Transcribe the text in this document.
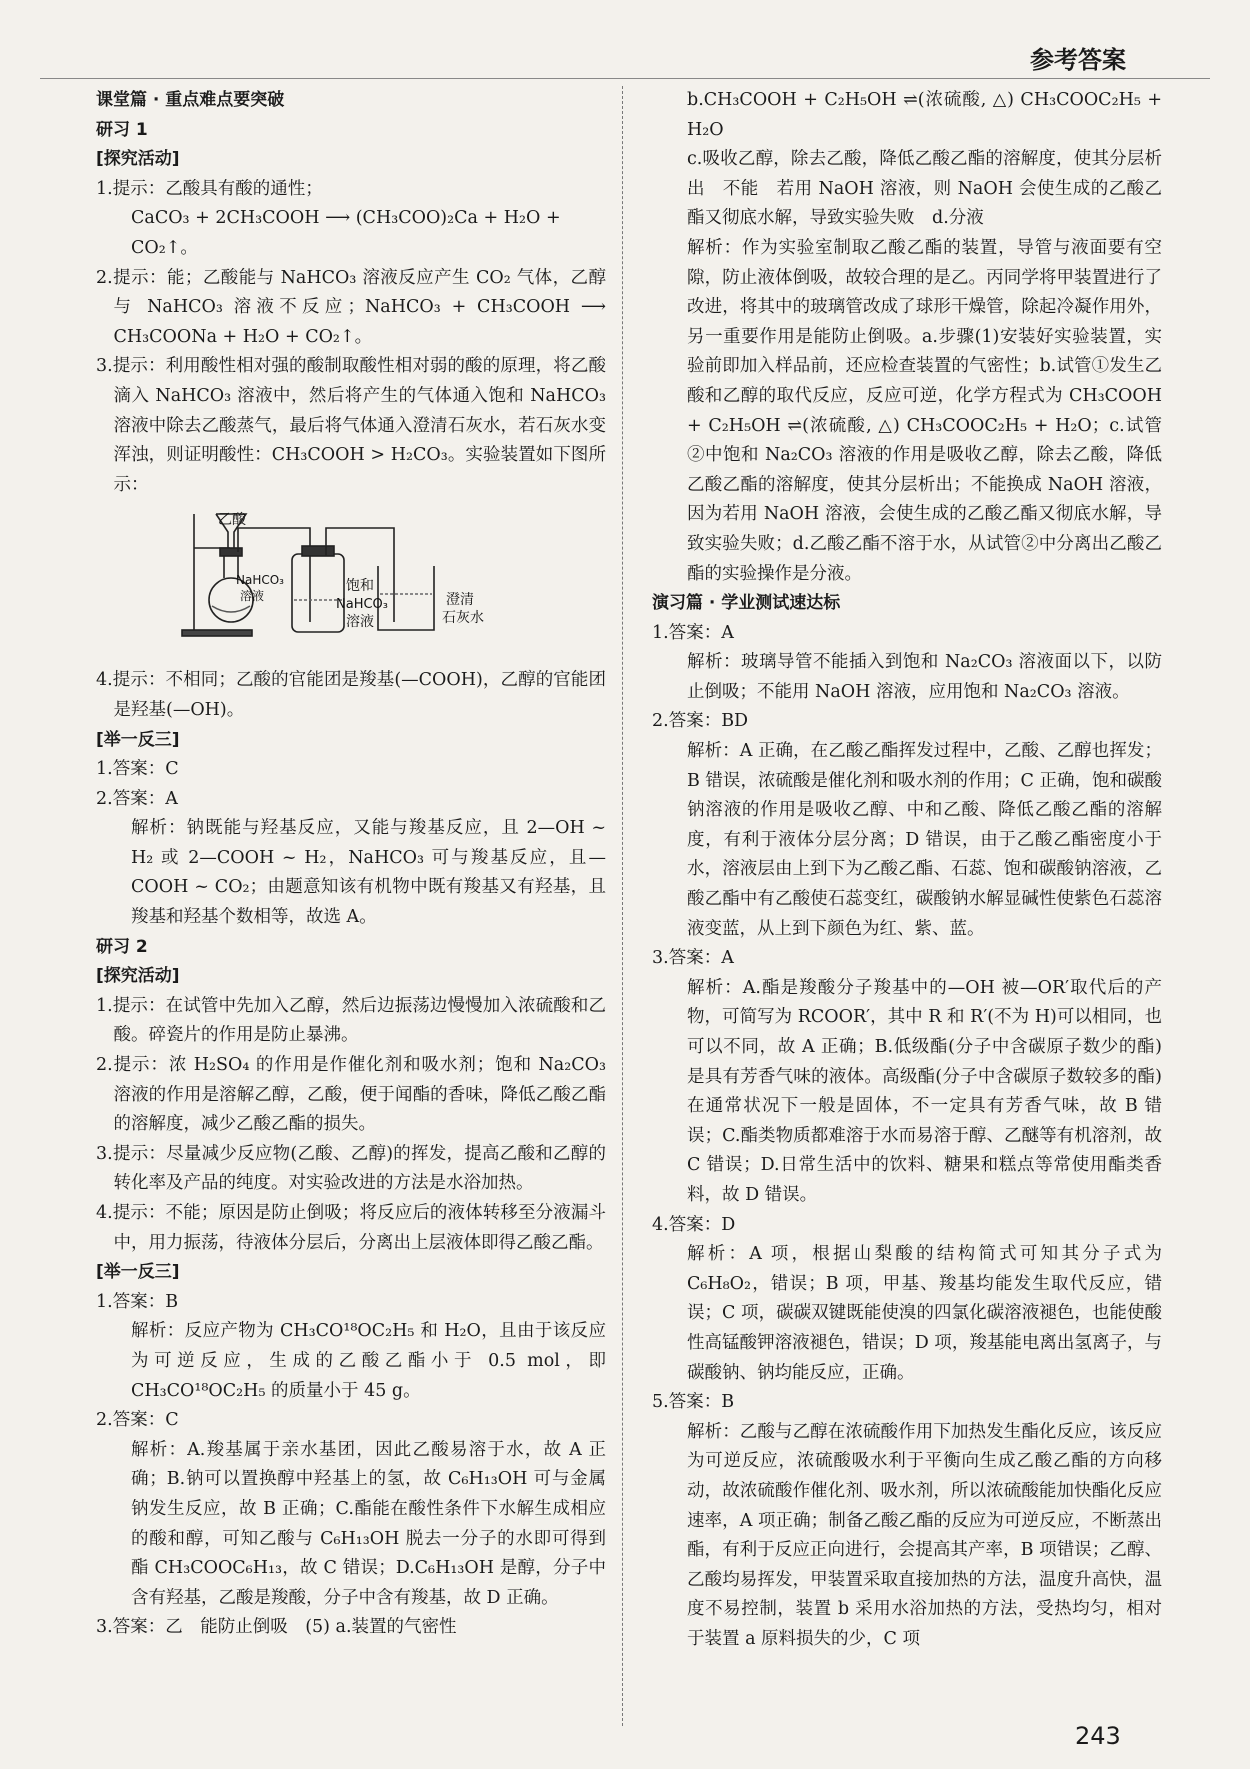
参考答案

课堂篇 · 重点难点要突破

研习 1

[探究活动]

1.提示：乙酸具有酸的通性；

CaCO₃ + 2CH₃COOH ⟶ (CH₃COO)₂Ca + H₂O +

CO₂↑。

2.提示：能；乙酸能与 NaHCO₃ 溶液反应产生 CO₂ 气体，乙醇与 NaHCO₃ 溶液不反应；NaHCO₃ + CH₃COOH ⟶ CH₃COONa + H₂O + CO₂↑。

3.提示：利用酸性相对强的酸制取酸性相对弱的酸的原理，将乙酸滴入 NaHCO₃ 溶液中，然后将产生的气体通入饱和 NaHCO₃ 溶液中除去乙酸蒸气，最后将气体通入澄清石灰水，若石灰水变浑浊，则证明酸性：CH₃COOH > H₂CO₃。实验装置如下图所示：

乙酸
NaHCO₃
溶液
饱和
NaHCO₃
溶液
澄清
石灰水

4.提示：不相同；乙酸的官能团是羧基(—COOH)，乙醇的官能团是羟基(—OH)。

[举一反三]

1.答案：C

2.答案：A

解析：钠既能与羟基反应，又能与羧基反应，且 2—OH ~ H₂ 或 2—COOH ~ H₂，NaHCO₃ 可与羧基反应，且—COOH ~ CO₂；由题意知该有机物中既有羧基又有羟基，且羧基和羟基个数相等，故选 A。

研习 2

[探究活动]

1.提示：在试管中先加入乙醇，然后边振荡边慢慢加入浓硫酸和乙酸。碎瓷片的作用是防止暴沸。

2.提示：浓 H₂SO₄ 的作用是作催化剂和吸水剂；饱和 Na₂CO₃ 溶液的作用是溶解乙醇，乙酸，便于闻酯的香味，降低乙酸乙酯的溶解度，减少乙酸乙酯的损失。

3.提示：尽量减少反应物(乙酸、乙醇)的挥发，提高乙酸和乙醇的转化率及产品的纯度。对实验改进的方法是水浴加热。

4.提示：不能；原因是防止倒吸；将反应后的液体转移至分液漏斗中，用力振荡，待液体分层后，分离出上层液体即得乙酸乙酯。

[举一反三]

1.答案：B

解析：反应产物为 CH₃CO¹⁸OC₂H₅ 和 H₂O，且由于该反应为可逆反应，生成的乙酸乙酯小于 0.5 mol，即 CH₃CO¹⁸OC₂H₅ 的质量小于 45 g。

2.答案：C

解析：A.羧基属于亲水基团，因此乙酸易溶于水，故 A 正确；B.钠可以置换醇中羟基上的氢，故 C₆H₁₃OH 可与金属钠发生反应，故 B 正确；C.酯能在酸性条件下水解生成相应的酸和醇，可知乙酸与 C₆H₁₃OH 脱去一分子的水即可得到酯 CH₃COOC₆H₁₃，故 C 错误；D.C₆H₁₃OH 是醇，分子中含有羟基，乙酸是羧酸，分子中含有羧基，故 D 正确。

3.答案：乙　能防止倒吸　(5) a.装置的气密性

b.CH₃COOH + C₂H₅OH ⇌(浓硫酸, △) CH₃COOC₂H₅ + H₂O

c.吸收乙醇，除去乙酸，降低乙酸乙酯的溶解度，使其分层析出　不能　若用 NaOH 溶液，则 NaOH 会使生成的乙酸乙酯又彻底水解，导致实验失败　d.分液

解析：作为实验室制取乙酸乙酯的装置，导管与液面要有空隙，防止液体倒吸，故较合理的是乙。丙同学将甲装置进行了改进，将其中的玻璃管改成了球形干燥管，除起冷凝作用外，另一重要作用是能防止倒吸。a.步骤(1)安装好实验装置，实验前即加入样品前，还应检查装置的气密性；b.试管①发生乙酸和乙醇的取代反应，反应可逆，化学方程式为 CH₃COOH + C₂H₅OH ⇌(浓硫酸, △) CH₃COOC₂H₅ + H₂O；c.试管②中饱和 Na₂CO₃ 溶液的作用是吸收乙醇，除去乙酸，降低乙酸乙酯的溶解度，使其分层析出；不能换成 NaOH 溶液，因为若用 NaOH 溶液，会使生成的乙酸乙酯又彻底水解，导致实验失败；d.乙酸乙酯不溶于水，从试管②中分离出乙酸乙酯的实验操作是分液。

演习篇 · 学业测试速达标

1.答案：A

解析：玻璃导管不能插入到饱和 Na₂CO₃ 溶液面以下，以防止倒吸；不能用 NaOH 溶液，应用饱和 Na₂CO₃ 溶液。

2.答案：BD

解析：A 正确，在乙酸乙酯挥发过程中，乙酸、乙醇也挥发；B 错误，浓硫酸是催化剂和吸水剂的作用；C 正确，饱和碳酸钠溶液的作用是吸收乙醇、中和乙酸、降低乙酸乙酯的溶解度，有利于液体分层分离；D 错误，由于乙酸乙酯密度小于水，溶液层由上到下为乙酸乙酯、石蕊、饱和碳酸钠溶液，乙酸乙酯中有乙酸使石蕊变红，碳酸钠水解显碱性使紫色石蕊溶液变蓝，从上到下颜色为红、紫、蓝。

3.答案：A

解析：A.酯是羧酸分子羧基中的—OH 被—OR′取代后的产物，可简写为 RCOOR′，其中 R 和 R′(不为 H)可以相同，也可以不同，故 A 正确；B.低级酯(分子中含碳原子数少的酯)是具有芳香气味的液体。高级酯(分子中含碳原子数较多的酯)在通常状况下一般是固体，不一定具有芳香气味，故 B 错误；C.酯类物质都难溶于水而易溶于醇、乙醚等有机溶剂，故 C 错误；D.日常生活中的饮料、糖果和糕点等常使用酯类香料，故 D 错误。

4.答案：D

解析：A 项，根据山梨酸的结构简式可知其分子式为 C₆H₈O₂，错误；B 项，甲基、羧基均能发生取代反应，错误；C 项，碳碳双键既能使溴的四氯化碳溶液褪色，也能使酸性高锰酸钾溶液褪色，错误；D 项，羧基能电离出氢离子，与碳酸钠、钠均能反应，正确。

5.答案：B

解析：乙酸与乙醇在浓硫酸作用下加热发生酯化反应，该反应为可逆反应，浓硫酸吸水利于平衡向生成乙酸乙酯的方向移动，故浓硫酸作催化剂、吸水剂，所以浓硫酸能加快酯化反应速率，A 项正确；制备乙酸乙酯的反应为可逆反应，不断蒸出酯，有利于反应正向进行，会提高其产率，B 项错误；乙醇、乙酸均易挥发，甲装置采取直接加热的方法，温度升高快，温度不易控制，装置 b 采用水浴加热的方法，受热均匀，相对于装置 a 原料损失的少，C 项

243
